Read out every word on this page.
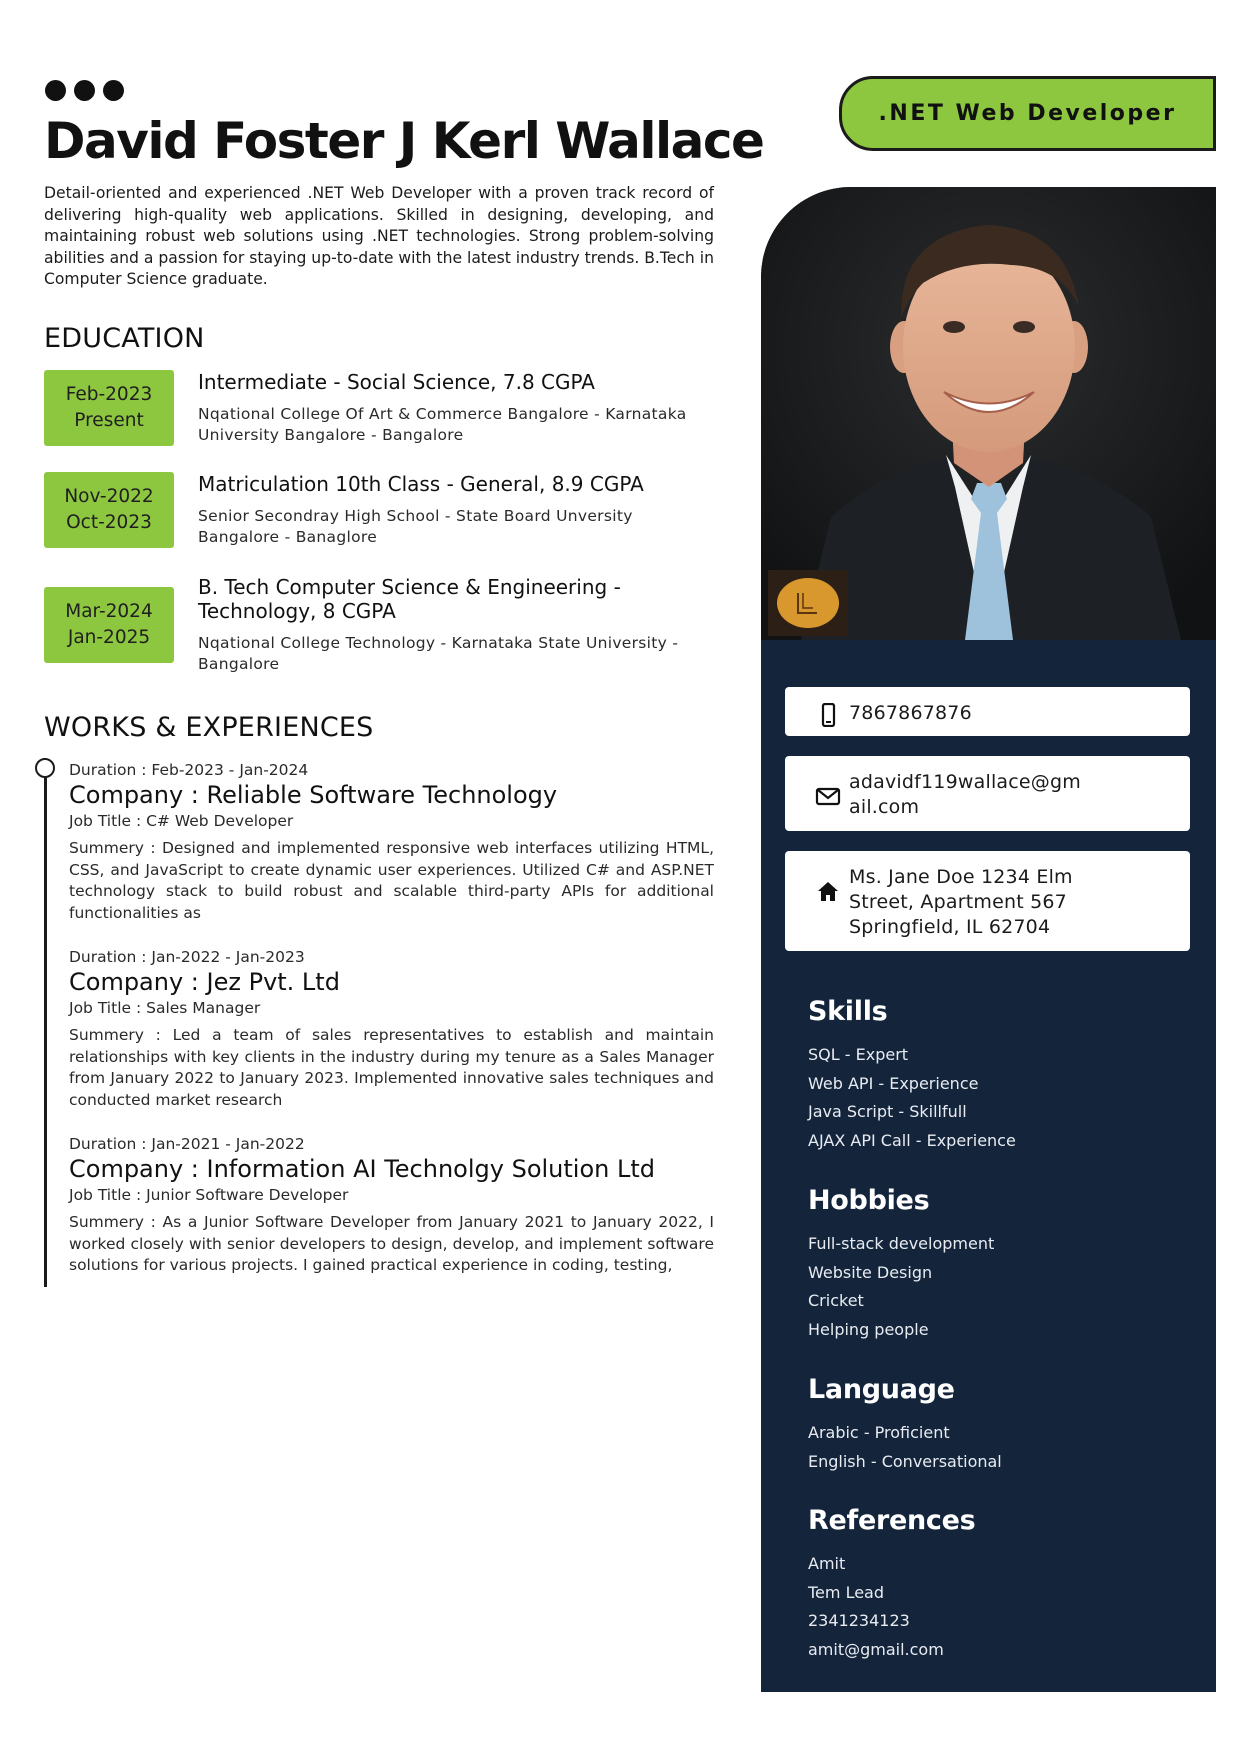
David Foster J Kerl Wallace

Detail-oriented and experienced .NET Web Developer with a proven track record of delivering high-quality web applications. Skilled in designing, developing, and maintaining robust web solutions using .NET technologies. Strong problem-solving abilities and a passion for staying up-to-date with the latest industry trends. B.Tech in Computer Science graduate.

EDUCATION
Feb-2023
Present
Intermediate - Social Science, 7.8 CGPA
Nqational College Of Art & Commerce Bangalore - Karnataka University Bangalore - Bangalore
Nov-2022
Oct-2023
Matriculation 10th Class - General, 8.9 CGPA
Senior Secondray High School - State Board Unversity Bangalore - Banaglore
Mar-2024
Jan-2025
B. Tech Computer Science & Engineering - Technology, 8 CGPA
Nqational College Technology - Karnataka State University - Bangalore
WORKS & EXPERIENCES
Duration : Feb-2023 - Jan-2024
Company : Reliable Software Technology
Job Title : C# Web Developer
Summery : Designed and implemented responsive web interfaces utilizing HTML, CSS, and JavaScript to create dynamic user experiences. Utilized C# and ASP.NET technology stack to build robust and scalable third-party APIs for additional functionalities as
Duration : Jan-2022 - Jan-2023
Company : Jez Pvt. Ltd
Job Title : Sales Manager
Summery : Led a team of sales representatives to establish and maintain relationships with key clients in the industry during my tenure as a Sales Manager from January 2022 to January 2023. Implemented innovative sales techniques and conducted market research
Duration : Jan-2021 - Jan-2022
Company : Information AI Technolgy Solution Ltd
Job Title : Junior Software Developer
Summery : As a Junior Software Developer from January 2021 to January 2022, I worked closely with senior developers to design, develop, and implement software solutions for various projects. I gained practical experience in coding, testing,
.NET Web Developer
7867867876
adavidf119wallace@gm
ail.com
Ms. Jane Doe 1234 Elm
Street, Apartment 567
Springfield, IL 62704
Skills
SQL - Expert
Web API - Experience
Java Script - Skillfull
AJAX API Call - Experience
Hobbies
Full-stack development
Website Design
Cricket
Helping people
Language
Arabic - Proficient
English - Conversational
References
Amit
Tem Lead
2341234123
amit@gmail.com
